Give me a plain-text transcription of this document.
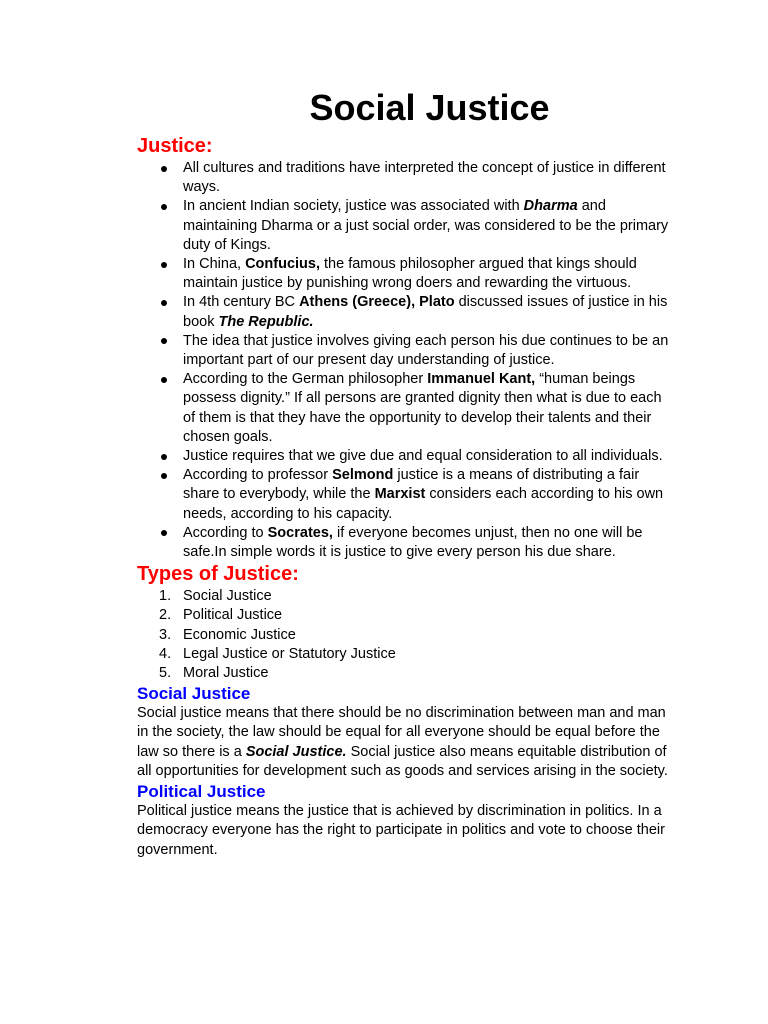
Social Justice
Justice:
All cultures and traditions have interpreted the concept of justice in different ways.
In ancient Indian society, justice was associated with Dharma and maintaining Dharma or a just social order, was considered to be the primary duty of Kings.
In China, Confucius, the famous philosopher argued that kings should maintain justice by punishing wrong doers and rewarding the virtuous.
In 4th century BC Athens (Greece), Plato discussed issues of justice in his book The Republic.
The idea that justice involves giving each person his due continues to be an important part of our present day understanding of justice.
According to the German philosopher Immanuel Kant, “human beings possess dignity.” If all persons are granted dignity then what is due to each of them is that they have the opportunity to develop their talents and their chosen goals.
Justice requires that we give due and equal consideration to all individuals.
According to professor Selmond justice is a means of distributing a fair share to everybody, while the Marxist considers each according to his own needs, according to his capacity.
According to Socrates, if everyone becomes unjust, then no one will be safe.In simple words it is justice to give every person his due share.
Types of Justice:
1. Social Justice
2. Political Justice
3. Economic Justice
4. Legal Justice or Statutory Justice
5. Moral Justice
Social Justice

Social justice means that there should be no discrimination between man and man in the society, the law should be equal for all everyone should be equal before the law so there is a Social Justice. Social justice also means equitable distribution of all opportunities for development such as goods and services arising in the society.

Political Justice

Political justice means the justice that is achieved by discrimination in politics. In a democracy everyone has the right to participate in politics and vote to choose their government.
